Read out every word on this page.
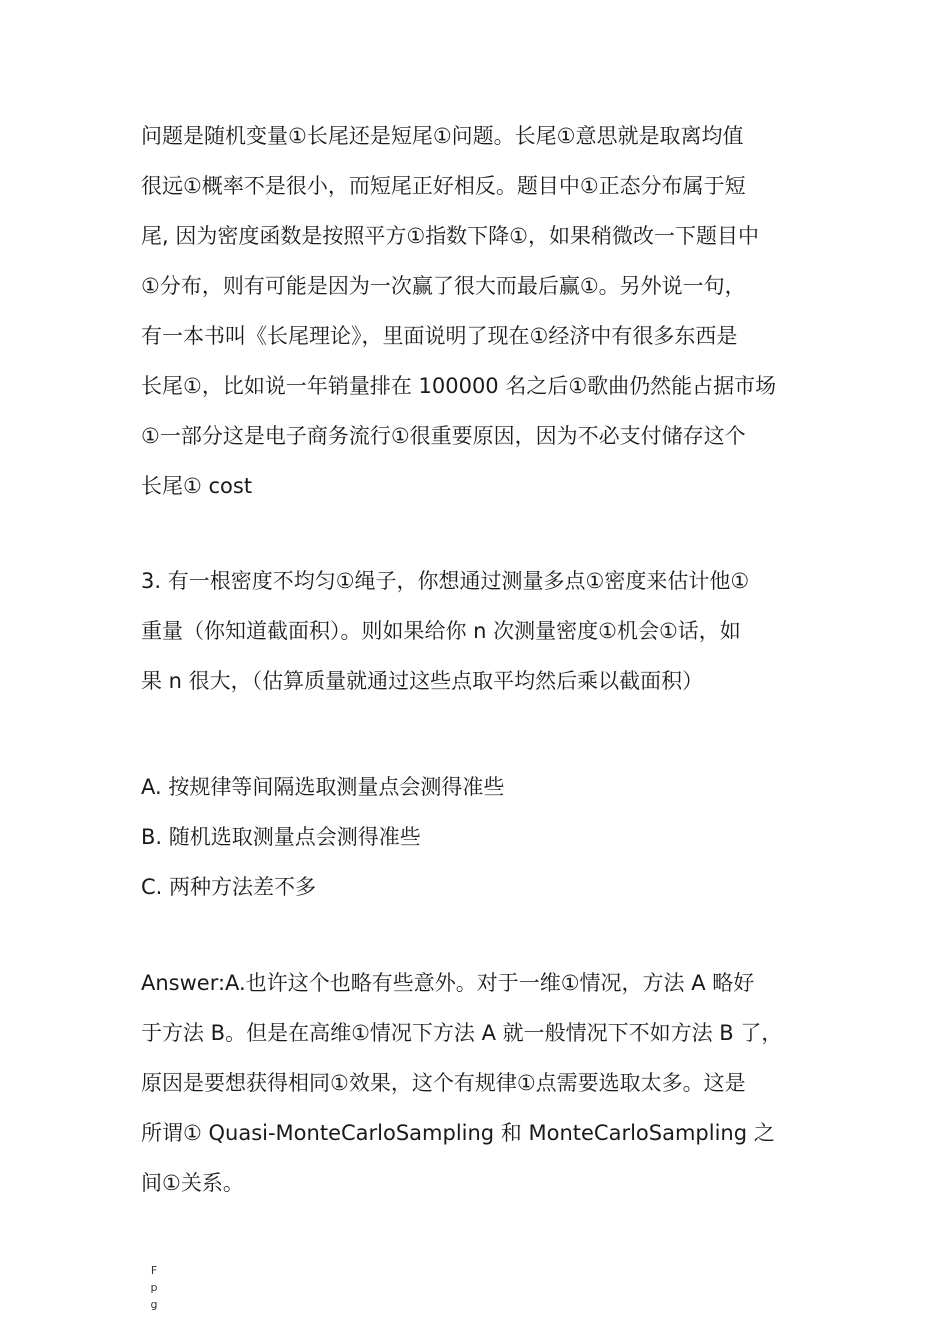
问题是随机变量①长尾还是短尾①问题。长尾①意思就是取离均值
很远①概率不是很小，而短尾正好相反。题目中①正态分布属于短
尾, 因为密度函数是按照平方①指数下降①，如果稍微改一下题目中
①分布，则有可能是因为一次赢了很大而最后赢①。另外说一句，
有一本书叫《长尾理论》，里面说明了现在①经济中有很多东西是
长尾①，比如说一年销量排在 100000 名之后①歌曲仍然能占据市场
①一部分这是电子商务流行①很重要原因，因为不必支付储存这个
长尾① cost
3. 有一根密度不均匀①绳子，你想通过测量多点①密度来估计他①
重量（你知道截面积）。则如果给你 n 次测量密度①机会①话，如
果 n 很大，（估算质量就通过这些点取平均然后乘以截面积）
A. 按规律等间隔选取测量点会测得准些
B. 随机选取测量点会测得准些
C. 两种方法差不多
Answer:A.也许这个也略有些意外。对于一维①情况，方法 A 略好
于方法 B。但是在高维①情况下方法 A 就一般情况下不如方法 B 了，
原因是要想获得相同①效果，这个有规律①点需要选取太多。这是
所谓① Quasi-MonteCarloSampling 和 MonteCarloSampling 之
间①关系。
F
p
g
